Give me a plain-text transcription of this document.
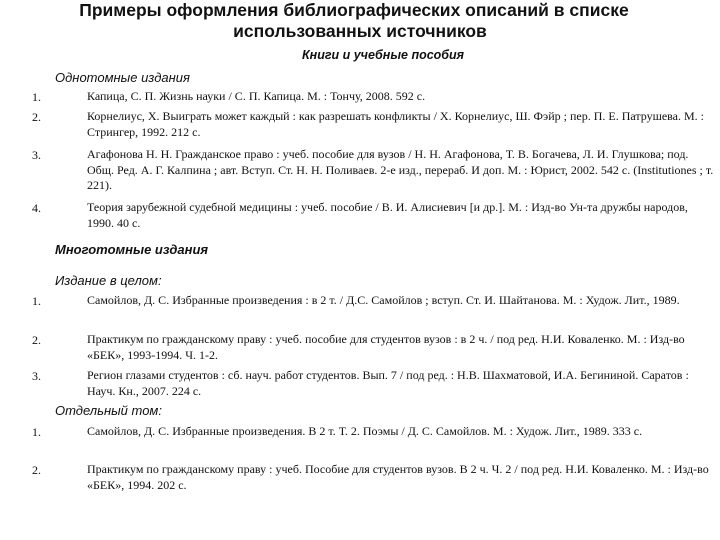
Примеры оформления библиографических описаний в списке
использованных источников
Книги и учебные пособия
Однотомные издания
1.	Капица, С. П. Жизнь науки / С. П. Капица. М. : Тончу, 2008. 592 с.
2.	Корнелиус, Х. Выиграть может каждый : как разрешать конфликты / Х. Корнелиус, Ш. Фэйр ; пер. П. Е. Патрушева. М. : Стрингер, 1992. 212 с.
3.	Агафонова Н. Н. Гражданское право : учеб. пособие для вузов / Н. Н. Агафонова, Т. В. Богачева, Л. И. Глушкова; под. Общ. Ред. А. Г. Калпина ; авт. Вступ. Ст. Н. Н. Поливаев. 2-е изд., перераб. И доп. М. : Юрист, 2002. 542 с. (Institutiones ; т. 221).
4.	Теория зарубежной судебной медицины : учеб. пособие / В. И. Алисиевич [и др.]. М. : Изд-во Ун-та дружбы народов, 1990. 40 с.
Многотомные издания
Издание в целом:
1.	Самойлов, Д. С. Избранные произведения : в 2 т. / Д.С. Самойлов ; вступ. Ст. И. Шайтанова. М. : Худож. Лит., 1989.
2.	Практикум по гражданскому праву : учеб. пособие для студентов вузов : в 2 ч. / под ред. Н.И. Коваленко. М. : Изд-во «БЕК», 1993-1994. Ч. 1-2.
3.	Регион глазами студентов : сб. науч. работ студентов. Вып. 7 / под ред. : Н.В. Шахматовой, И.А. Бегининой. Саратов : Науч. Кн., 2007. 224 с.
Отдельный том:
1.	Самойлов, Д. С. Избранные произведения. В 2 т. Т. 2. Поэмы / Д. С. Самойлов. М. : Худож. Лит., 1989. 333 с.
2.	Практикум по гражданскому праву : учеб. Пособие для студентов вузов. В 2 ч. Ч. 2 / под ред. Н.И. Коваленко. М. : Изд-во «БЕК», 1994. 202 с.
